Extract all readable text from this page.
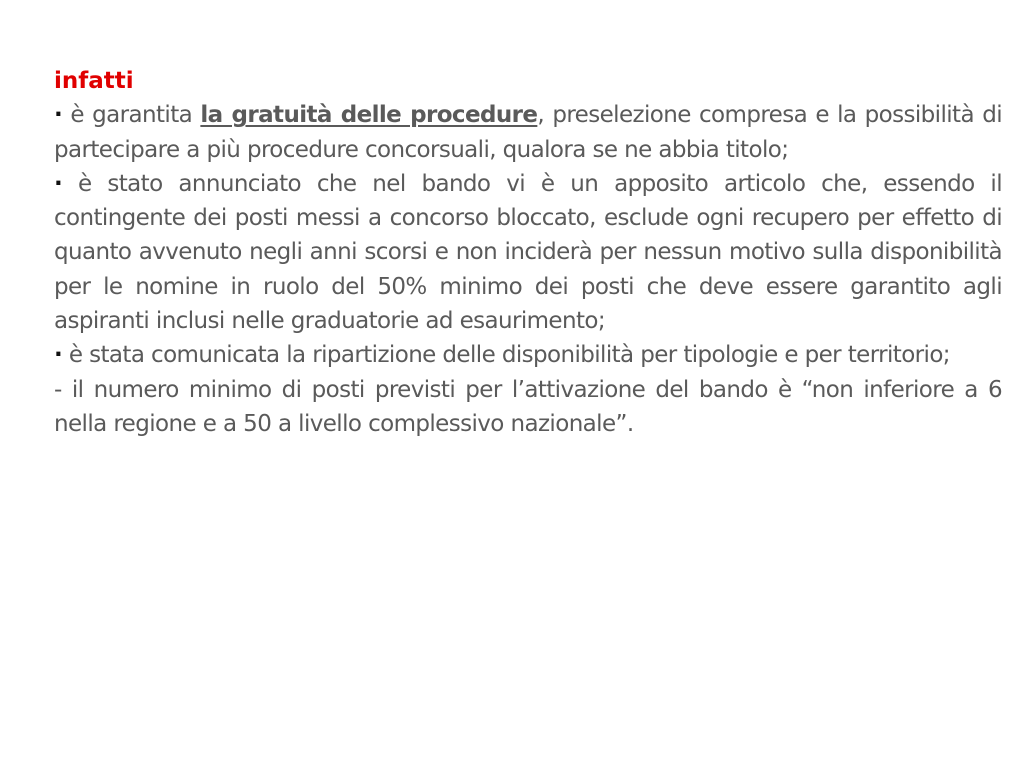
infatti

· è garantita la gratuità delle procedure, preselezione compresa e la possibilità di partecipare a più procedure concorsuali, qualora se ne abbia titolo;

· è stato annunciato che nel bando vi è un apposito articolo che, essendo il contingente dei posti messi a concorso bloccato, esclude ogni recupero per effetto di quanto avvenuto negli anni scorsi e non inciderà per nessun motivo sulla disponibilità per le nomine in ruolo del 50% minimo dei posti che deve essere garantito agli aspiranti inclusi nelle graduatorie ad esaurimento;

· è stata comunicata la ripartizione delle disponibilità per tipologie e per territorio;

- il numero minimo di posti previsti per l’attivazione del bando è “non inferiore a 6 nella regione e a 50 a livello complessivo nazionale”.
